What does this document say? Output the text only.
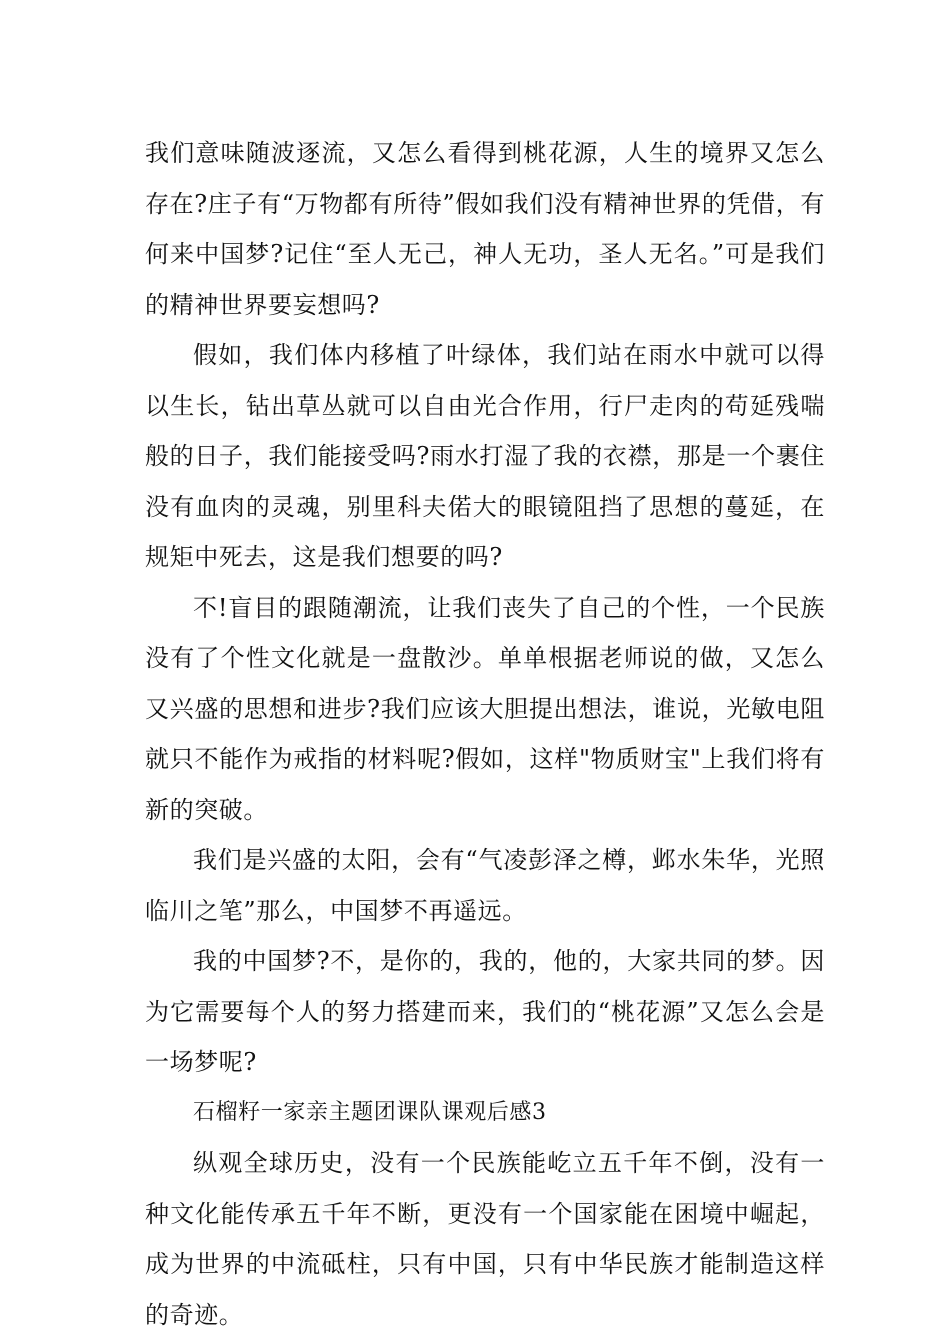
我们意味随波逐流，又怎么看得到桃花源，人生的境界又怎么存在?庄子有“万物都有所待”假如我们没有精神世界的凭借，有何来中国梦?记住“至人无己，神人无功，圣人无名。”可是我们的精神世界要妄想吗?

假如，我们体内移植了叶绿体，我们站在雨水中就可以得以生长，钻出草丛就可以自由光合作用，行尸走肉的苟延残喘般的日子，我们能接受吗?雨水打湿了我的衣襟，那是一个裹住没有血肉的灵魂，别里科夫偌大的眼镜阻挡了思想的蔓延，在规矩中死去，这是我们想要的吗?

不!盲目的跟随潮流，让我们丧失了自己的个性，一个民族没有了个性文化就是一盘散沙。单单根据老师说的做，又怎么又兴盛的思想和进步?我们应该大胆提出想法，谁说，光敏电阻就只不能作为戒指的材料呢?假如，这样"物质财宝"上我们将有新的突破。

我们是兴盛的太阳，会有“气凌彭泽之樽，邺水朱华，光照临川之笔”那么，中国梦不再遥远。

我的中国梦?不，是你的，我的，他的，大家共同的梦。因为它需要每个人的努力搭建而来，我们的“桃花源”又怎么会是一场梦呢?

石榴籽一家亲主题团课队课观后感3

纵观全球历史，没有一个民族能屹立五千年不倒，没有一种文化能传承五千年不断，更没有一个国家能在困境中崛起，成为世界的中流砥柱，只有中国，只有中华民族才能制造这样的奇迹。
